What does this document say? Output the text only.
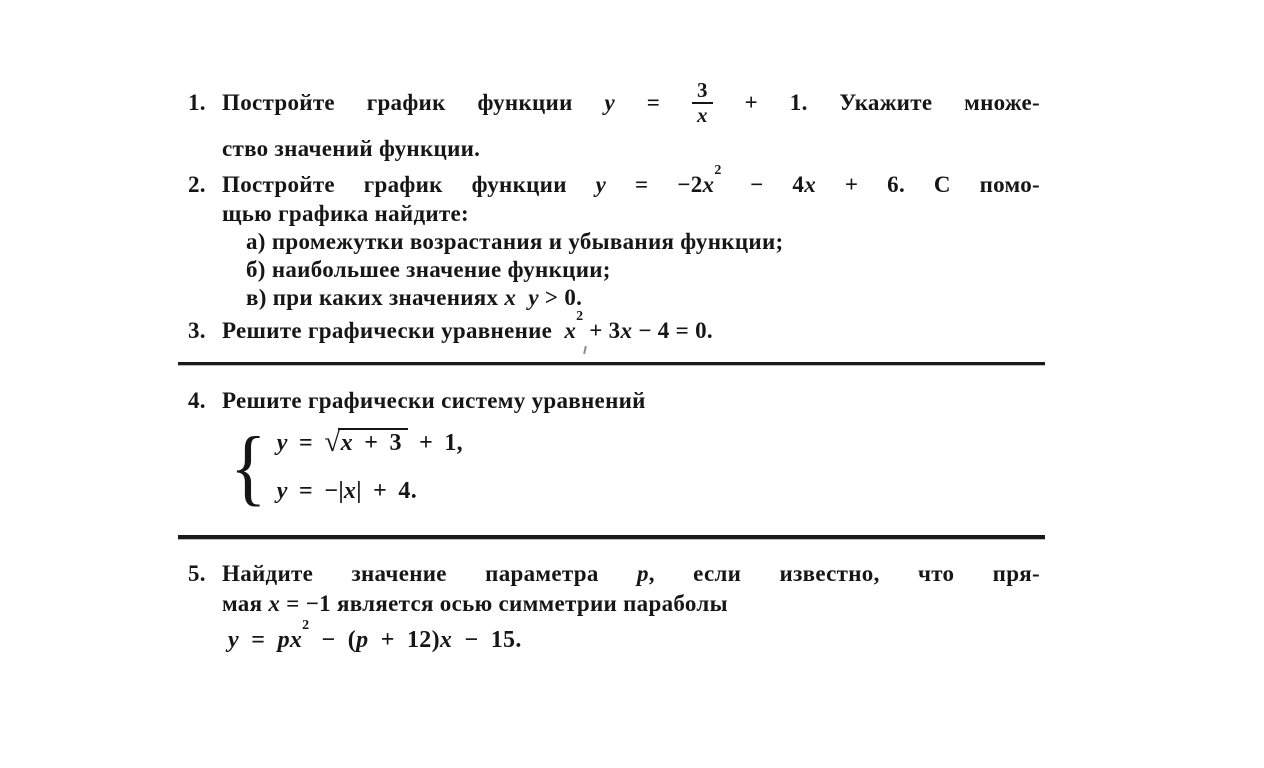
1. Постройте график функции $y = \frac{3}{x} + 1$. Укажите множе-
ство значений функции.
2. Постройте график функции $y = -2x^2 - 4x + 6$. С помо-
щью графика найдите:
а) промежутки возрастания и убывания функции;
б) наибольшее значение функции;
в) при каких значениях x y > 0.
3. Решите графически уравнение  $x^2 + 3x - 4 = 0$.
4. Решите графически систему уравнений
{ y = √x + 3 + 1,
y = −|x| + 4.
5. Найдите значение параметра p, если известно, что пря-
мая x = −1 является осью симметрии параболы
$y = px^2 - (p + 12)x - 15$.
